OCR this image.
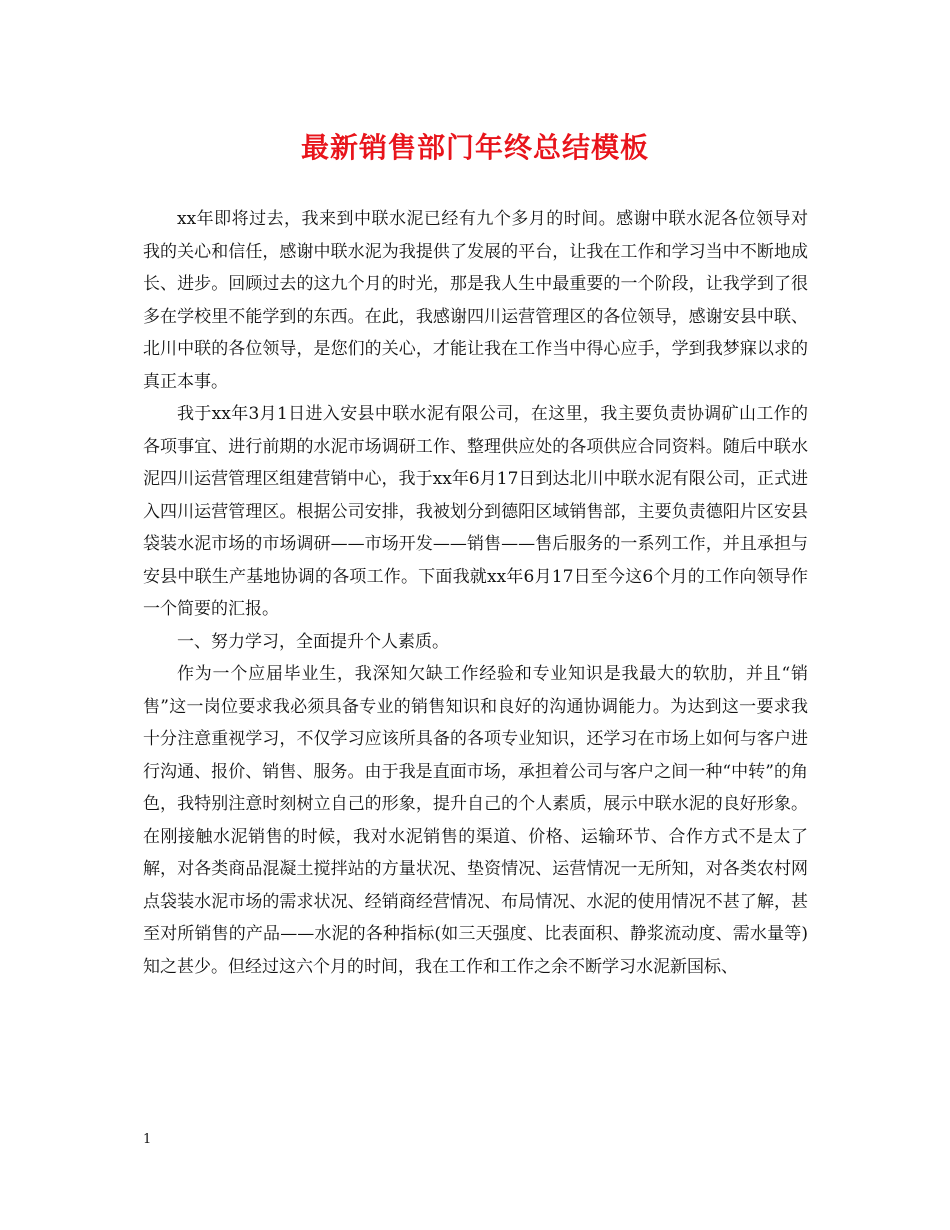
最新销售部门年终总结模板

xx年即将过去，我来到中联水泥已经有九个多月的时间。感谢中联水泥各位领导对我的关心和信任，感谢中联水泥为我提供了发展的平台，让我在工作和学习当中不断地成长、进步。回顾过去的这九个月的时光，那是我人生中最重要的一个阶段，让我学到了很多在学校里不能学到的东西。在此，我感谢四川运营管理区的各位领导，感谢安县中联、北川中联的各位领导，是您们的关心，才能让我在工作当中得心应手，学到我梦寐以求的真正本事。

我于xx年3月1日进入安县中联水泥有限公司，在这里，我主要负责协调矿山工作的各项事宜、进行前期的水泥市场调研工作、整理供应处的各项供应合同资料。随后中联水泥四川运营管理区组建营销中心，我于xx年6月17日到达北川中联水泥有限公司，正式进入四川运营管理区。根据公司安排，我被划分到德阳区域销售部，主要负责德阳片区安县袋装水泥市场的市场调研——市场开发——销售——售后服务的一系列工作，并且承担与安县中联生产基地协调的各项工作。下面我就xx年6月17日至今这6个月的工作向领导作一个简要的汇报。

一、努力学习，全面提升个人素质。

作为一个应届毕业生，我深知欠缺工作经验和专业知识是我最大的软肋，并且“销售”这一岗位要求我必须具备专业的销售知识和良好的沟通协调能力。为达到这一要求我十分注意重视学习，不仅学习应该所具备的各项专业知识，还学习在市场上如何与客户进行沟通、报价、销售、服务。由于我是直面市场，承担着公司与客户之间一种“中转”的角色，我特别注意时刻树立自己的形象，提升自己的个人素质，展示中联水泥的良好形象。在刚接触水泥销售的时候，我对水泥销售的渠道、价格、运输环节、合作方式不是太了解，对各类商品混凝土搅拌站的方量状况、垫资情况、运营情况一无所知，对各类农村网点袋装水泥市场的需求状况、经销商经营情况、布局情况、水泥的使用情况不甚了解，甚至对所销售的产品——水泥的各种指标(如三天强度、比表面积、静浆流动度、需水量等)知之甚少。但经过这六个月的时间，我在工作和工作之余不断学习水泥新国标、

1
